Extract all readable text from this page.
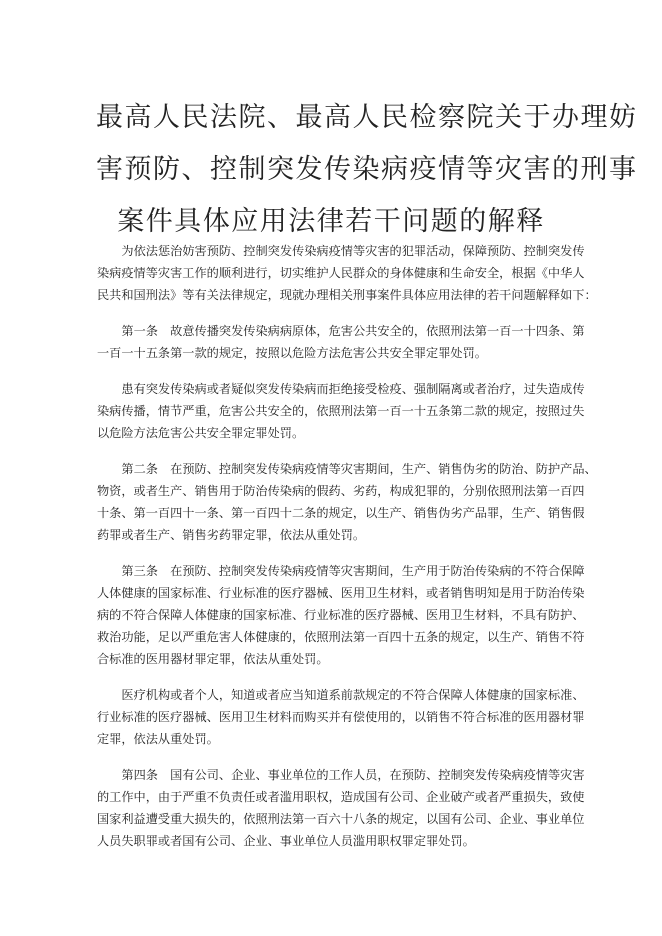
最高人民法院、最高人民检察院关于办理妨
害预防、控制突发传染病疫情等灾害的刑事
案件具体应用法律若干问题的解释

为依法惩治妨害预防、控制突发传染病疫情等灾害的犯罪活动，保障预防、控制突发传
染病疫情等灾害工作的顺利进行，切实维护人民群众的身体健康和生命安全，根据《中华人
民共和国刑法》等有关法律规定，现就办理相关刑事案件具体应用法律的若干问题解释如下：

第一条　故意传播突发传染病病原体，危害公共安全的，依照刑法第一百一十四条、第
一百一十五条第一款的规定，按照以危险方法危害公共安全罪定罪处罚。

患有突发传染病或者疑似突发传染病而拒绝接受检疫、强制隔离或者治疗，过失造成传
染病传播，情节严重，危害公共安全的，依照刑法第一百一十五条第二款的规定，按照过失
以危险方法危害公共安全罪定罪处罚。

第二条　在预防、控制突发传染病疫情等灾害期间，生产、销售伪劣的防治、防护产品、
物资，或者生产、销售用于防治传染病的假药、劣药，构成犯罪的，分别依照刑法第一百四
十条、第一百四十一条、第一百四十二条的规定，以生产、销售伪劣产品罪，生产、销售假
药罪或者生产、销售劣药罪定罪，依法从重处罚。

第三条　在预防、控制突发传染病疫情等灾害期间，生产用于防治传染病的不符合保障
人体健康的国家标准、行业标准的医疗器械、医用卫生材料，或者销售明知是用于防治传染
病的不符合保障人体健康的国家标准、行业标准的医疗器械、医用卫生材料，不具有防护、
救治功能，足以严重危害人体健康的，依照刑法第一百四十五条的规定，以生产、销售不符
合标准的医用器材罪定罪，依法从重处罚。

医疗机构或者个人，知道或者应当知道系前款规定的不符合保障人体健康的国家标准、
行业标准的医疗器械、医用卫生材料而购买并有偿使用的，以销售不符合标准的医用器材罪
定罪，依法从重处罚。

第四条　国有公司、企业、事业单位的工作人员，在预防、控制突发传染病疫情等灾害
的工作中，由于严重不负责任或者滥用职权，造成国有公司、企业破产或者严重损失，致使
国家利益遭受重大损失的，依照刑法第一百六十八条的规定，以国有公司、企业、事业单位
人员失职罪或者国有公司、企业、事业单位人员滥用职权罪定罪处罚。
